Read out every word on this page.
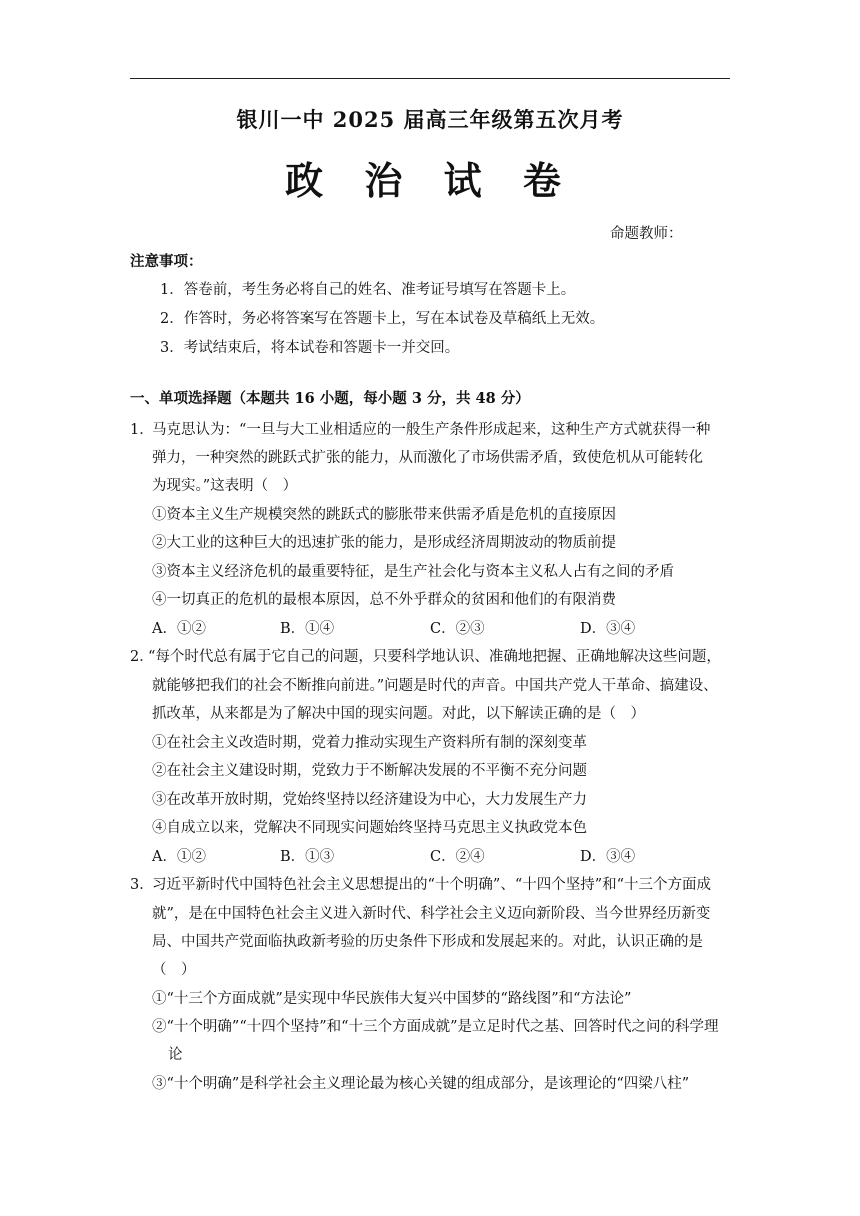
银川一中 2025 届高三年级第五次月考
政 治 试 卷
命题教师：
注意事项：
1．答卷前，考生务必将自己的姓名、准考证号填写在答题卡上。
2．作答时，务必将答案写在答题卡上，写在本试卷及草稿纸上无效。
3．考试结束后，将本试卷和答题卡一并交回。
一、单项选择题（本题共 16 小题，每小题 3 分，共 48 分）
1．
马克思认为：“一旦与大工业相适应的一般生产条件形成起来，这种生产方式就获得一种
弹力，一种突然的跳跃式扩张的能力，从而激化了市场供需矛盾，致使危机从可能转化
为现实。”这表明（　）
①资本主义生产规模突然的跳跃式的膨胀带来供需矛盾是危机的直接原因
②大工业的这种巨大的迅速扩张的能力，是形成经济周期波动的物质前提
③资本主义经济危机的最重要特征，是生产社会化与资本主义私人占有之间的矛盾
④一切真正的危机的最根本原因，总不外乎群众的贫困和他们的有限消费
A．①②	B．①④	C．②③	D．③④
2．
“每个时代总有属于它自己的问题，只要科学地认识、准确地把握、正确地解决这些问题，
就能够把我们的社会不断推向前进。”问题是时代的声音。中国共产党人干革命、搞建设、
抓改革，从来都是为了解决中国的现实问题。对此，以下解读正确的是（　）
①在社会主义改造时期，党着力推动实现生产资料所有制的深刻变革
②在社会主义建设时期，党致力于不断解决发展的不平衡不充分问题
③在改革开放时期，党始终坚持以经济建设为中心，大力发展生产力
④自成立以来，党解决不同现实问题始终坚持马克思主义执政党本色
A．①②	B．①③	C．②④	D．③④
3．
习近平新时代中国特色社会主义思想提出的“十个明确”、“十四个坚持”和“十三个方面成
就”，是在中国特色社会主义进入新时代、科学社会主义迈向新阶段、当今世界经历新变
局、中国共产党面临执政新考验的历史条件下形成和发展起来的。对此，认识正确的是
（　）
①“十三个方面成就”是实现中华民族伟大复兴中国梦的“路线图”和“方法论”
②“十个明确”“十四个坚持”和“十三个方面成就”是立足时代之基、回答时代之问的科学理
论
③“十个明确”是科学社会主义理论最为核心关键的组成部分，是该理论的“四梁八柱”
